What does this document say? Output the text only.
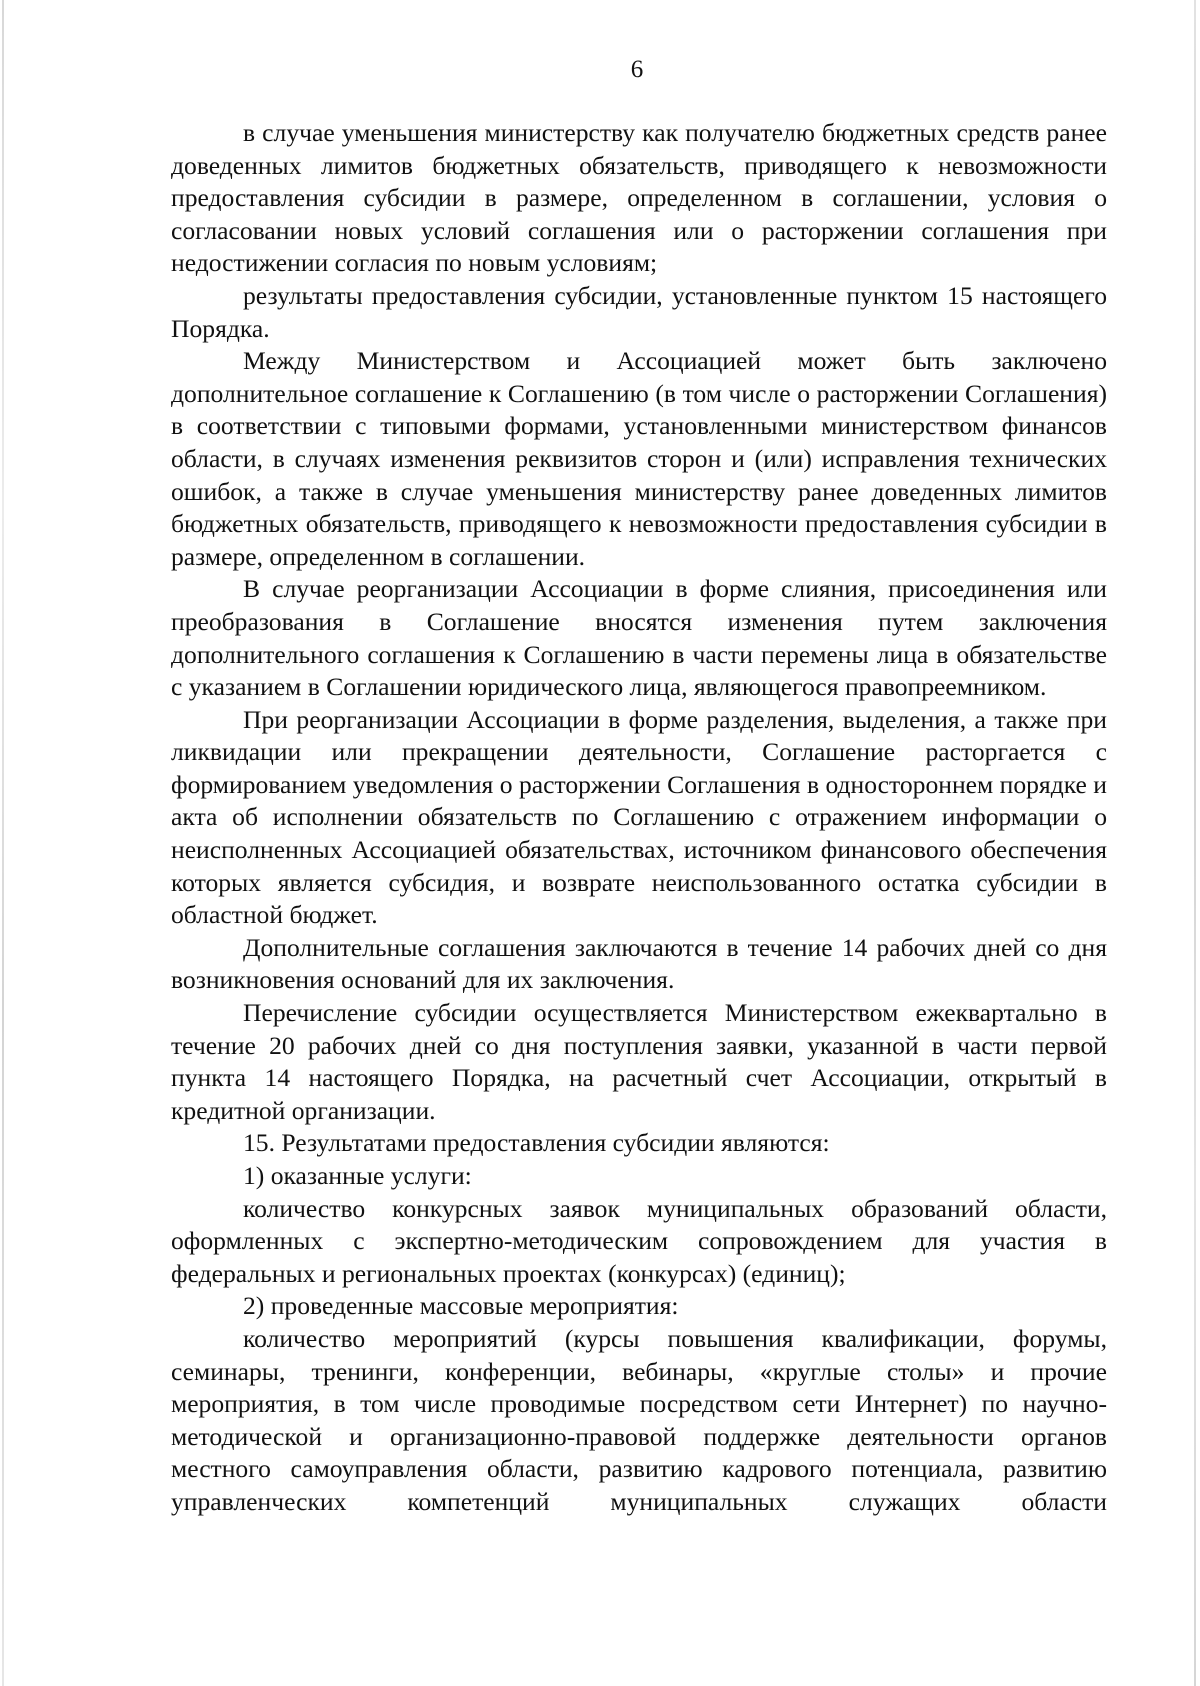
6

в случае уменьшения министерству как получателю бюджетных средств ранее доведенных лимитов бюджетных обязательств, приводящего к невозможности предоставления субсидии в размере, определенном в соглашении, условия о согласовании новых условий соглашения или о расторжении соглашения при недостижении согласия по новым условиям;

результаты предоставления субсидии, установленные пунктом 15 настоящего Порядка.

Между Министерством и Ассоциацией может быть заключено дополнительное соглашение к Соглашению (в том числе о расторжении Соглашения) в соответствии с типовыми формами, установленными министерством финансов области, в случаях изменения реквизитов сторон и (или) исправления технических ошибок, а также в случае уменьшения министерству ранее доведенных лимитов бюджетных обязательств, приводящего к невозможности предоставления субсидии в размере, определенном в соглашении.

В случае реорганизации Ассоциации в форме слияния, присоединения или преобразования в Соглашение вносятся изменения путем заключения дополнительного соглашения к Соглашению в части перемены лица в обязательстве с указанием в Соглашении юридического лица, являющегося правопреемником.

При реорганизации Ассоциации в форме разделения, выделения, а также при ликвидации или прекращении деятельности, Соглашение расторгается с формированием уведомления о расторжении Соглашения в одностороннем порядке и акта об исполнении обязательств по Соглашению с отражением информации о неисполненных Ассоциацией обязательствах, источником финансового обеспечения которых является субсидия, и возврате неиспользованного остатка субсидии в областной бюджет.

Дополнительные соглашения заключаются в течение 14 рабочих дней со дня возникновения оснований для их заключения.

Перечисление субсидии осуществляется Министерством ежеквартально в течение 20 рабочих дней со дня поступления заявки, указанной в части первой пункта 14 настоящего Порядка, на расчетный счет Ассоциации, открытый в кредитной организации.

15. Результатами предоставления субсидии являются:

1) оказанные услуги:

количество конкурсных заявок муниципальных образований области, оформленных с экспертно-методическим сопровождением для участия в федеральных и региональных проектах (конкурсах) (единиц);

2) проведенные массовые мероприятия:

количество мероприятий (курсы повышения квалификации, форумы, семинары, тренинги, конференции, вебинары, «круглые столы» и прочие мероприятия, в том числе проводимые посредством сети Интернет) по научно-методической и организационно-правовой поддержке деятельности органов местного самоуправления области, развитию кадрового потенциала, развитию управленческих компетенций муниципальных служащих области
